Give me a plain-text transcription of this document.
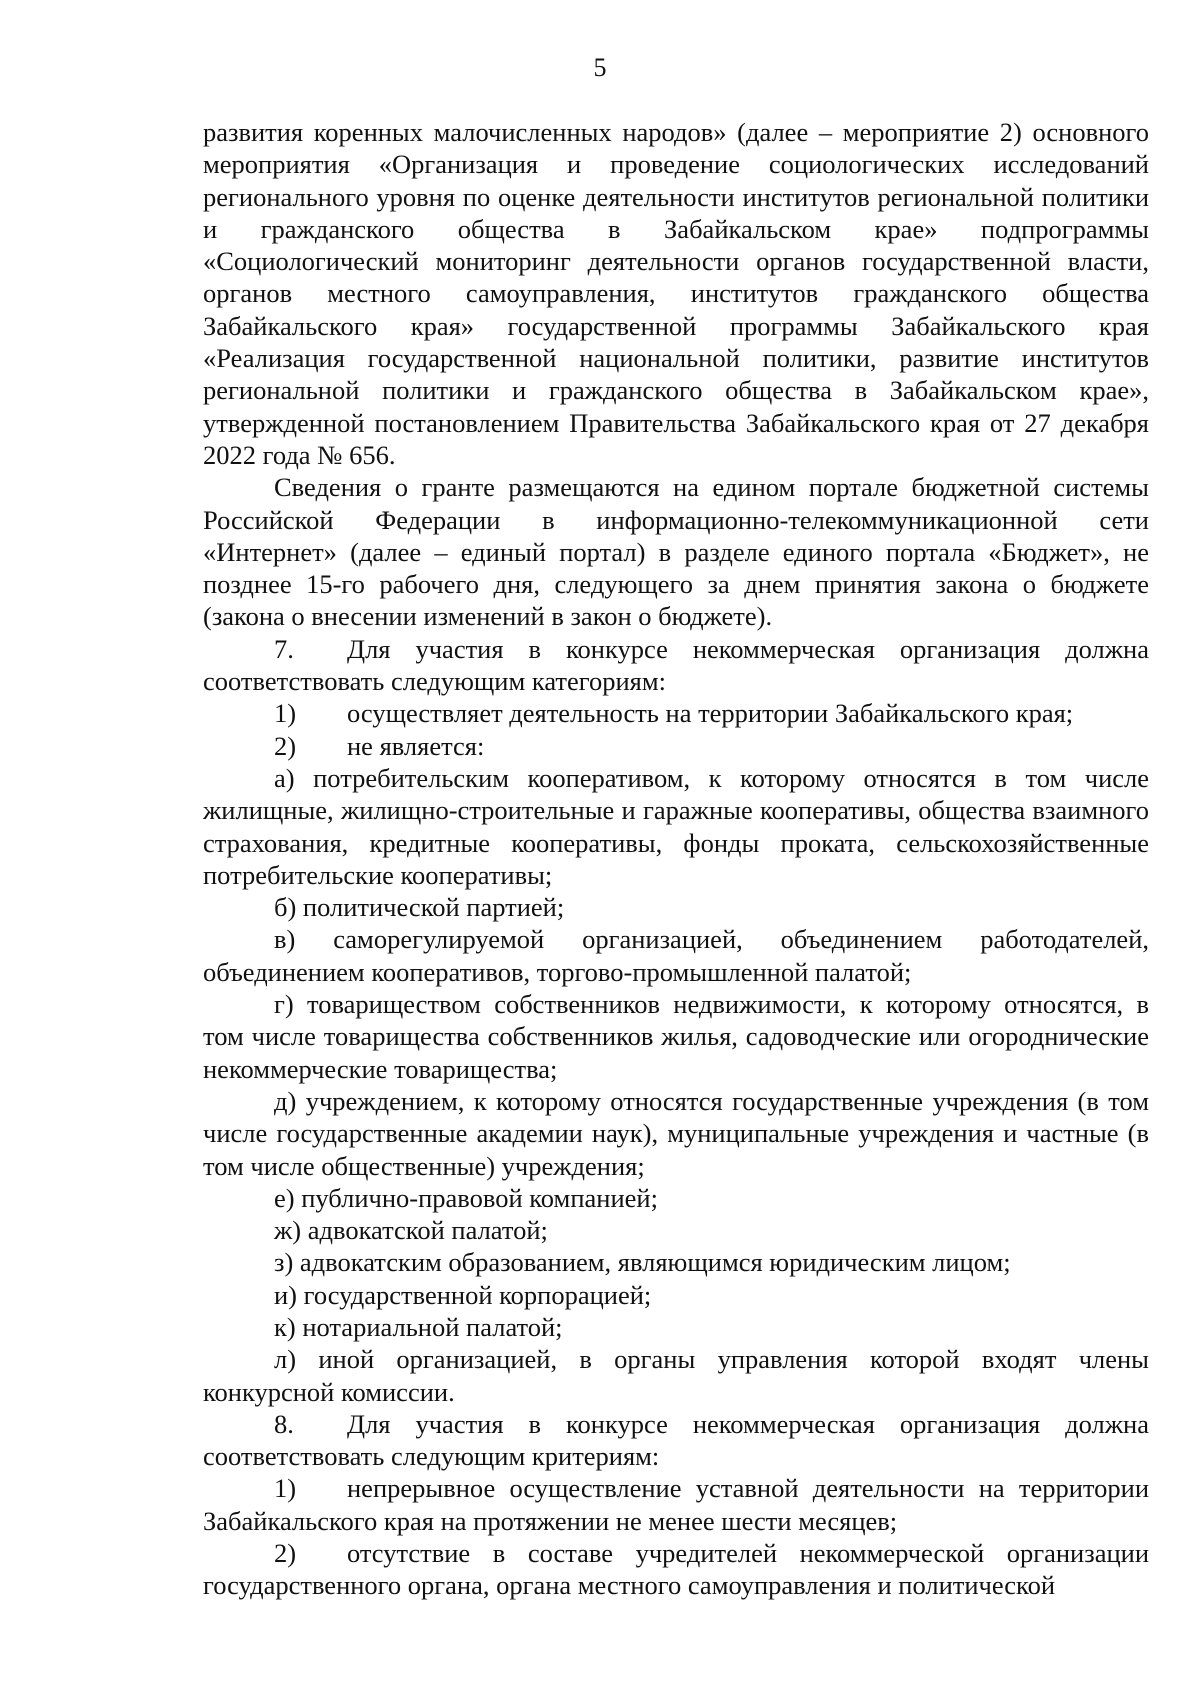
5

развития коренных малочисленных народов» (далее – мероприятие 2) основного мероприятия «Организация и проведение социологических исследований регионального уровня по оценке деятельности институтов региональной политики и гражданского общества в Забайкальском крае» подпрограммы «Социологический мониторинг деятельности органов государственной власти, органов местного самоуправления, институтов гражданского общества Забайкальского края» государственной программы Забайкальского края «Реализация государственной национальной политики, развитие институтов региональной политики и гражданского общества в Забайкальском крае», утвержденной постановлением Правительства Забайкальского края от 27 декабря 2022 года № 656.

Сведения о гранте размещаются на едином портале бюджетной системы Российской Федерации в информационно-телекоммуникационной сети «Интернет» (далее – единый портал) в разделе единого портала «Бюджет», не позднее 15-го рабочего дня, следующего за днем принятия закона о бюджете (закона о внесении изменений в закон о бюджете).

7. Для участия в конкурсе некоммерческая организация должна соответствовать следующим категориям:

1) осуществляет деятельность на территории Забайкальского края;

2) не является:

а) потребительским кооперативом, к которому относятся в том числе жилищные, жилищно-строительные и гаражные кооперативы, общества взаимного страхования, кредитные кооперативы, фонды проката, сельскохозяйственные потребительские кооперативы;

б) политической партией;

в) саморегулируемой организацией, объединением работодателей, объединением кооперативов, торгово-промышленной палатой;

г) товариществом собственников недвижимости, к которому относятся, в том числе товарищества собственников жилья, садоводческие или огороднические некоммерческие товарищества;

д) учреждением, к которому относятся государственные учреждения (в том числе государственные академии наук), муниципальные учреждения и частные (в том числе общественные) учреждения;

е) публично-правовой компанией;

ж) адвокатской палатой;

з) адвокатским образованием, являющимся юридическим лицом;

и) государственной корпорацией;

к) нотариальной палатой;

л) иной организацией, в органы управления которой входят члены конкурсной комиссии.

8. Для участия в конкурсе некоммерческая организация должна соответствовать следующим критериям:

1) непрерывное осуществление уставной деятельности на территории Забайкальского края на протяжении не менее шести месяцев;

2) отсутствие в составе учредителей некоммерческой организации государственного органа, органа местного самоуправления и политической
